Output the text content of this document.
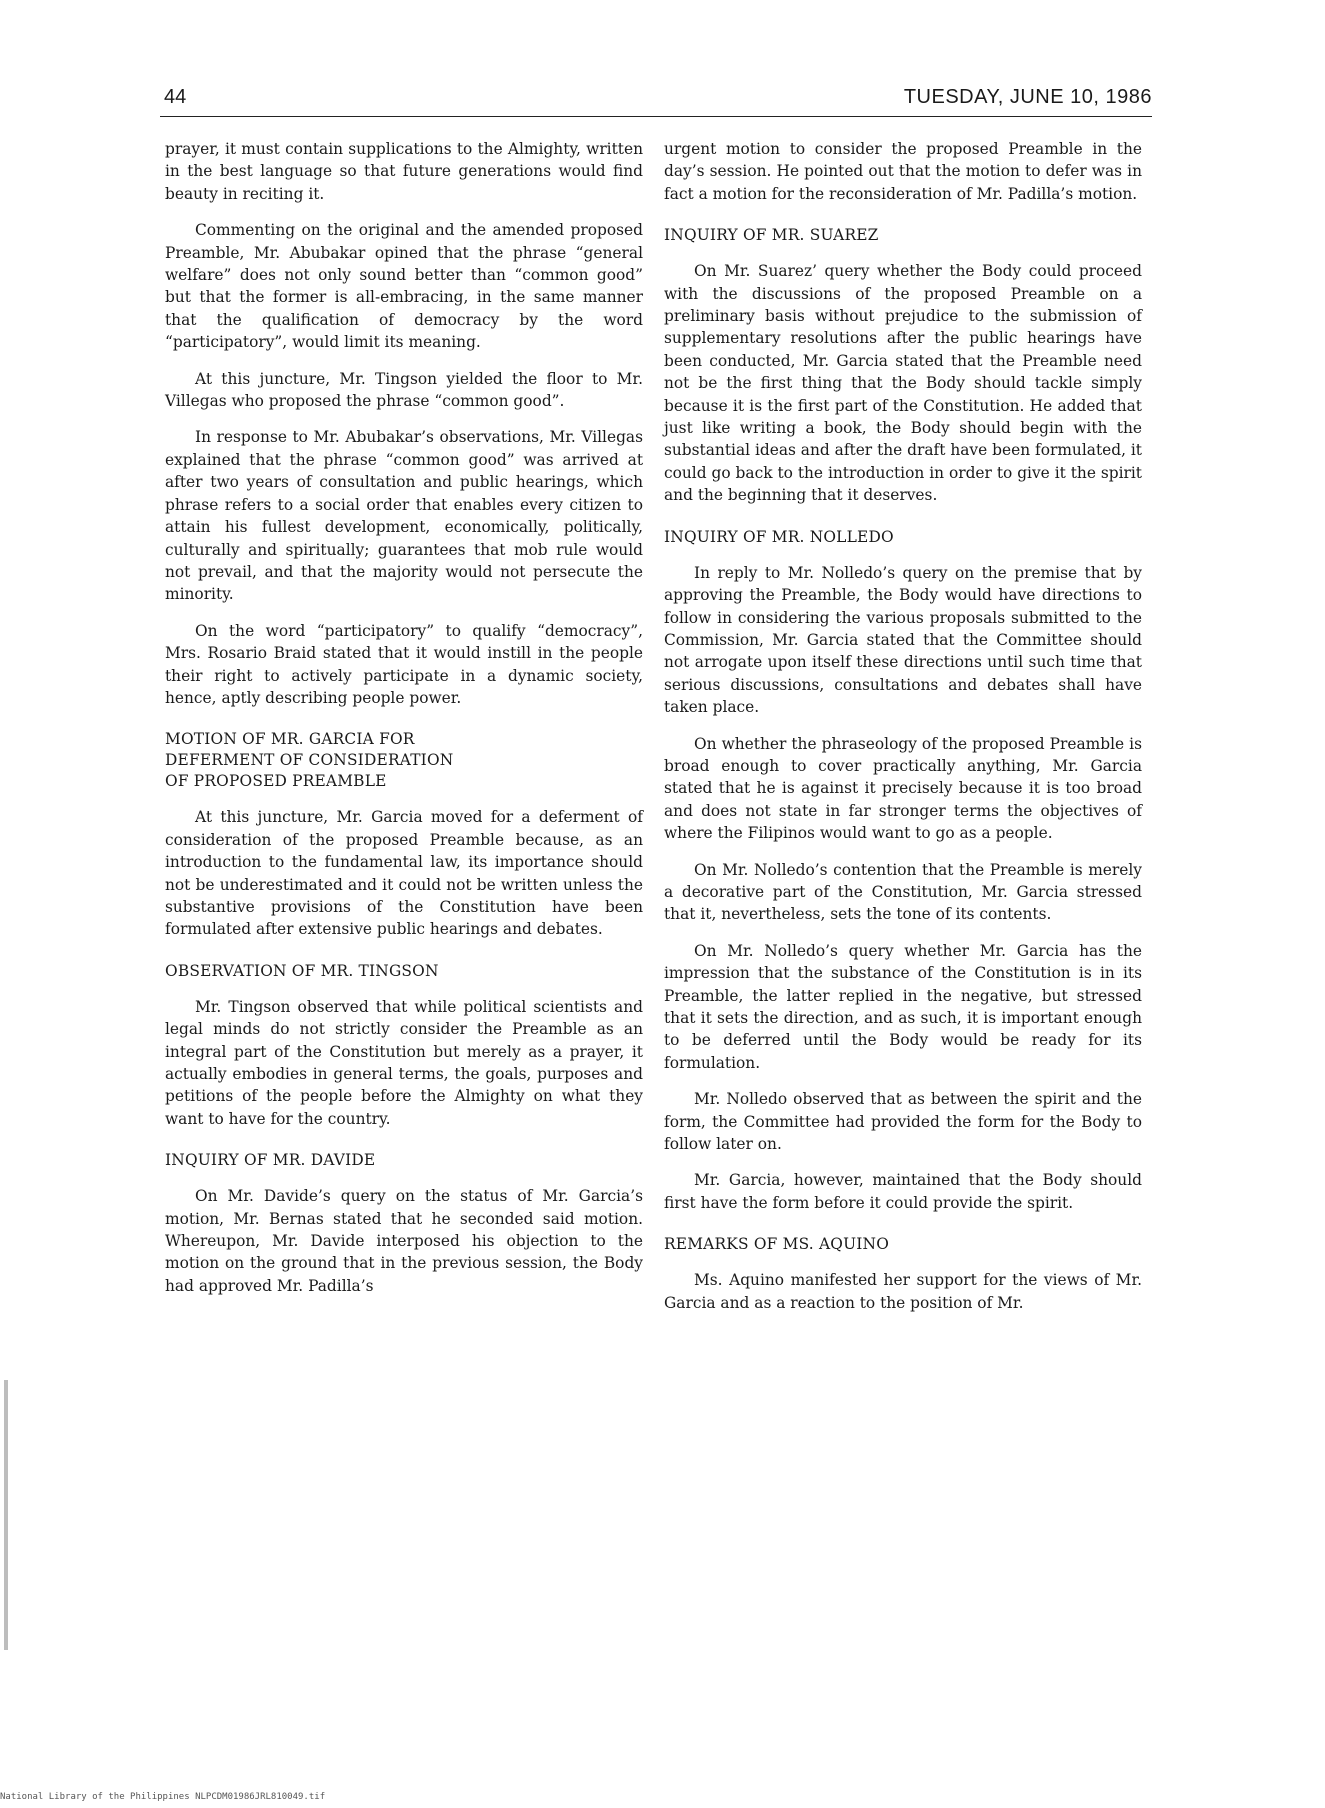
44	TUESDAY, JUNE 10, 1986

prayer, it must contain supplications to the Almighty, written in the best language so that future generations would find beauty in reciting it.

Commenting on the original and the amended proposed Preamble, Mr. Abubakar opined that the phrase “general welfare” does not only sound better than “common good” but that the former is all-embracing, in the same manner that the qualification of democracy by the word “participatory”, would limit its meaning.

At this juncture, Mr. Tingson yielded the floor to Mr. Villegas who proposed the phrase “common good”.

In response to Mr. Abubakar’s observations, Mr. Villegas explained that the phrase “common good” was arrived at after two years of consultation and public hearings, which phrase refers to a social order that enables every citizen to attain his fullest development, economically, politically, culturally and spiritually; guarantees that mob rule would not prevail, and that the majority would not persecute the minority.

On the word “participatory” to qualify “democracy”, Mrs. Rosario Braid stated that it would instill in the people their right to actively participate in a dynamic society, hence, aptly describing people power.

MOTION OF MR. GARCIA FOR
DEFERMENT OF CONSIDERATION
OF PROPOSED PREAMBLE

At this juncture, Mr. Garcia moved for a deferment of consideration of the proposed Preamble because, as an introduction to the fundamental law, its importance should not be underestimated and it could not be written unless the substantive provisions of the Constitution have been formulated after extensive public hearings and debates.

OBSERVATION OF MR. TINGSON

Mr. Tingson observed that while political scientists and legal minds do not strictly consider the Preamble as an integral part of the Constitution but merely as a prayer, it actually embodies in general terms, the goals, purposes and petitions of the people before the Almighty on what they want to have for the country.

INQUIRY OF MR. DAVIDE

On Mr. Davide’s query on the status of Mr. Garcia’s motion, Mr. Bernas stated that he seconded said motion. Whereupon, Mr. Davide interposed his objection to the motion on the ground that in the previous session, the Body had approved Mr. Padilla’s

urgent motion to consider the proposed Preamble in the day’s session. He pointed out that the motion to defer was in fact a motion for the reconsideration of Mr. Padilla’s motion.

INQUIRY OF MR. SUAREZ

On Mr. Suarez’ query whether the Body could proceed with the discussions of the proposed Preamble on a preliminary basis without prejudice to the submission of supplementary resolutions after the public hearings have been conducted, Mr. Garcia stated that the Preamble need not be the first thing that the Body should tackle simply because it is the first part of the Constitution. He added that just like writing a book, the Body should begin with the substantial ideas and after the draft have been formulated, it could go back to the introduction in order to give it the spirit and the beginning that it deserves.

INQUIRY OF MR. NOLLEDO

In reply to Mr. Nolledo’s query on the premise that by approving the Preamble, the Body would have directions to follow in considering the various proposals submitted to the Commission, Mr. Garcia stated that the Committee should not arrogate upon itself these directions until such time that serious discussions, consultations and debates shall have taken place.

On whether the phraseology of the proposed Preamble is broad enough to cover practically anything, Mr. Garcia stated that he is against it precisely because it is too broad and does not state in far stronger terms the objectives of where the Filipinos would want to go as a people.

On Mr. Nolledo’s contention that the Preamble is merely a decorative part of the Constitution, Mr. Garcia stressed that it, nevertheless, sets the tone of its contents.

On Mr. Nolledo’s query whether Mr. Garcia has the impression that the substance of the Constitution is in its Preamble, the latter replied in the negative, but stressed that it sets the direction, and as such, it is important enough to be deferred until the Body would be ready for its formulation.

Mr. Nolledo observed that as between the spirit and the form, the Committee had provided the form for the Body to follow later on.

Mr. Garcia, however, maintained that the Body should first have the form before it could provide the spirit.

REMARKS OF MS. AQUINO

Ms. Aquino manifested her support for the views of Mr. Garcia and as a reaction to the position of Mr.

National Library of the Philippines NLPCDM01986JRL810049.tif
